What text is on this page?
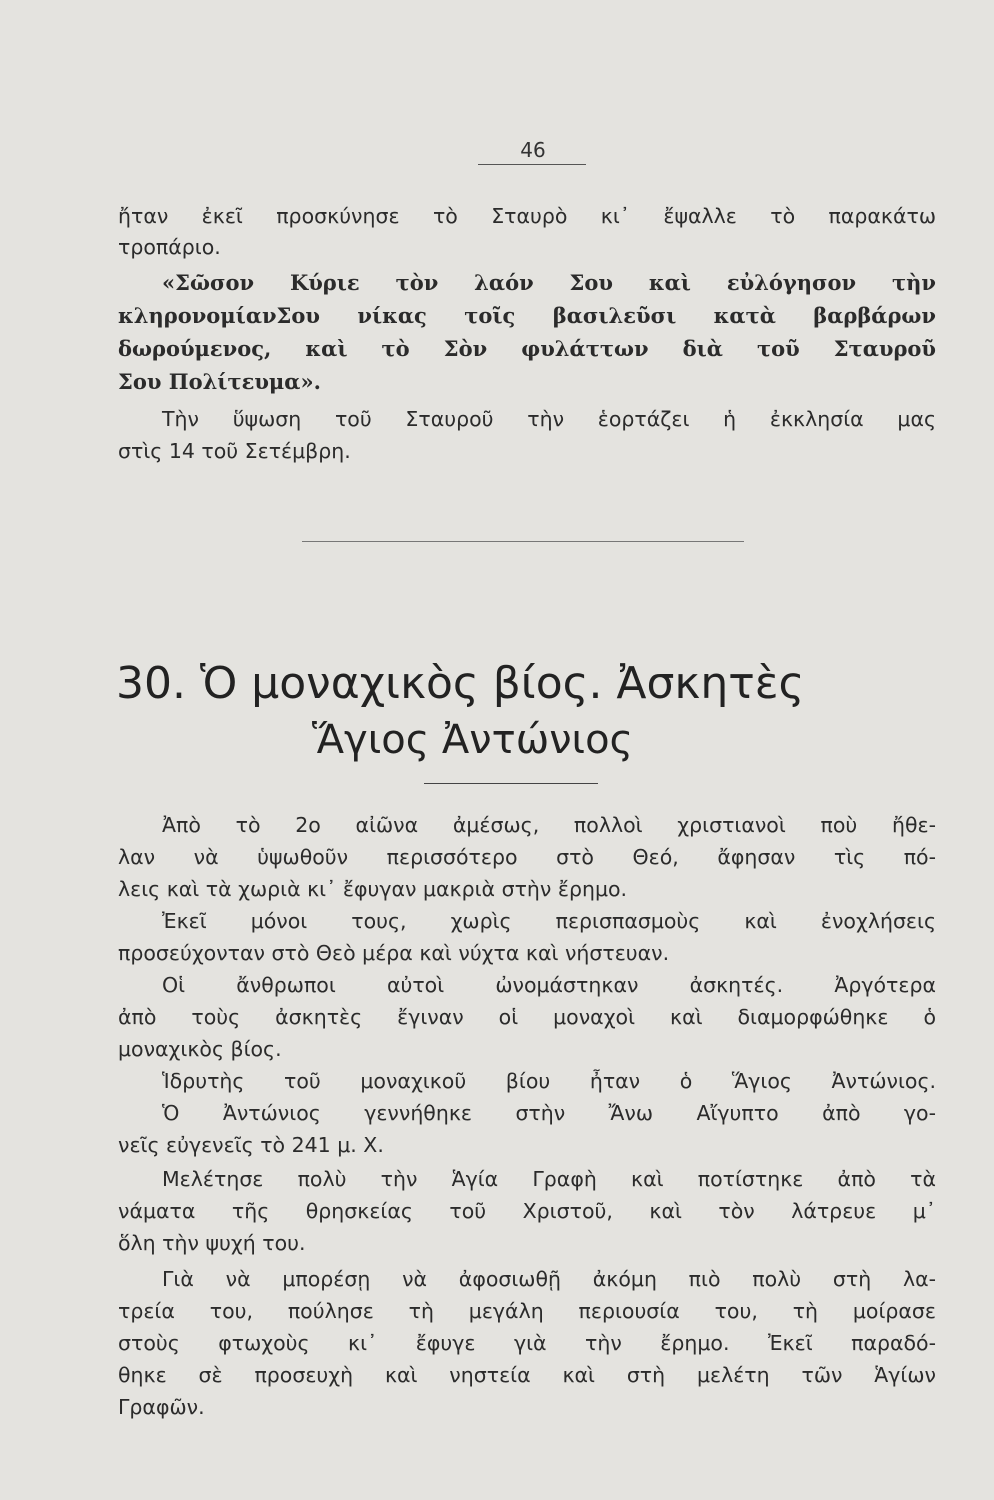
46
ἤταν ἐκεῖ προσκύνησε τὸ Σταυρὸ κι᾿ ἔψαλλε τὸ παρακάτω
τροπάριο.
«Σῶσον Κύριε τὸν λαόν Σου καὶ εὐλόγησον τὴν
κληρονομίανΣου νίκας τοῖς βασιλεῦσι κατὰ βαρβάρων
δωρούμενος, καὶ τὸ Σὸν φυλάττων διὰ τοῦ Σταυροῦ
Σου Πολίτευμα».
Τὴν ὕψωση τοῦ Σταυροῦ τὴν ἑορτάζει ἡ ἐκκλησία μας
στὶς 14 τοῦ Σετέμβρη.
30. Ὁ μοναχικὸς βίος. Ἀσκητὲς
Ἅγιος Ἀντώνιος
Ἀπὸ τὸ 2ο αἰῶνα ἀμέσως, πολλοὶ χριστιανοὶ ποὺ ἤθε-
λαν νὰ ὑψωθοῦν περισσότερο στὸ Θεό, ἄφησαν τὶς πό-
λεις καὶ τὰ χωριὰ κι᾿ ἔφυγαν μακριὰ στὴν ἔρημο.
Ἐκεῖ μόνοι τους, χωρὶς περισπασμοὺς καὶ ἐνοχλήσεις
προσεύχονταν στὸ Θεὸ μέρα καὶ νύχτα καὶ νήστευαν.
Οἱ ἄνθρωποι αὐτοὶ ὠνομάστηκαν ἀσκητές. Ἀργότερα
ἀπὸ τοὺς ἀσκητὲς ἔγιναν οἱ μοναχοὶ καὶ διαμορφώθηκε ὁ
μοναχικὸς βίος.
Ἱδρυτὴς τοῦ μοναχικοῦ βίου ἦταν ὁ Ἅγιος Ἀντώνιος.
Ὁ Ἀντώνιος γεννήθηκε στὴν Ἄνω Αἴγυπτο ἀπὸ γο-
νεῖς εὐγενεῖς τὸ 241 μ. Χ.
Μελέτησε πολὺ τὴν Ἁγία Γραφὴ καὶ ποτίστηκε ἀπὸ τὰ
νάματα τῆς θρησκείας τοῦ Χριστοῦ, καὶ τὸν λάτρευε μ᾿
ὅλη τὴν ψυχή του.
Γιὰ νὰ μπορέσῃ νὰ ἀφοσιωθῇ ἀκόμη πιὸ πολὺ στὴ λα-
τρεία του, πούλησε τὴ μεγάλη περιουσία του, τὴ μοίρασε
στοὺς φτωχοὺς κι᾿ ἔφυγε γιὰ τὴν ἔρημο. Ἐκεῖ παραδό-
θηκε σὲ προσευχὴ καὶ νηστεία καὶ στὴ μελέτη τῶν Ἁγίων
Γραφῶν.
